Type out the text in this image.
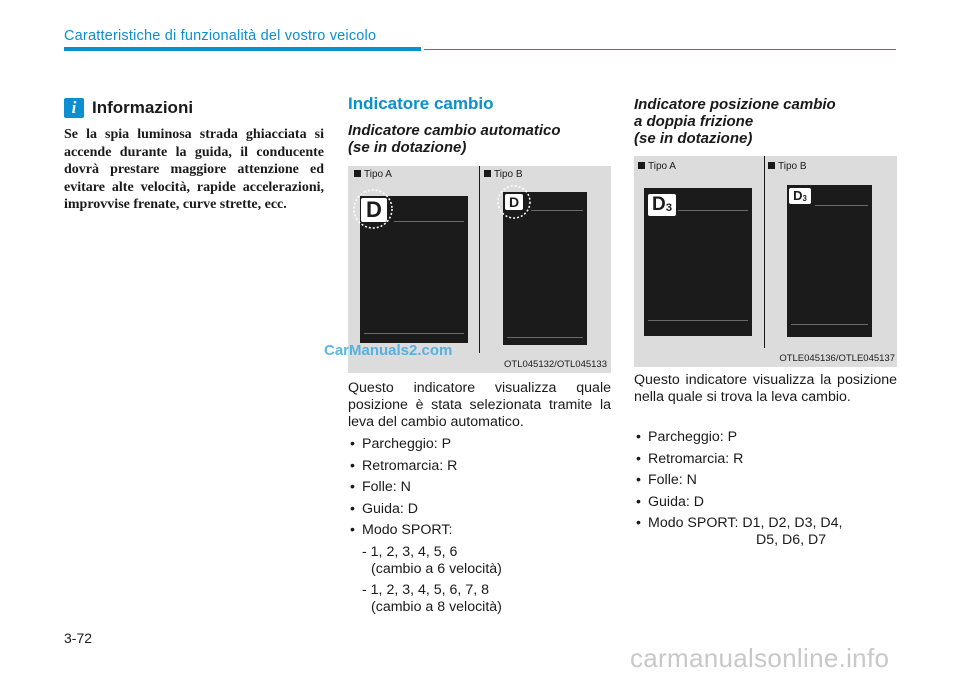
Caratteristiche di funzionalità del vostro veicolo
i Informazioni
Se la spia luminosa strada ghiacciata si accende durante la guida, il conducente dovrà prestare maggiore attenzione ed evitare alte velocità, rapide accelerazioni, improvvise frenate, curve strette, ecc.
Indicatore cambio
Indicatore cambio automatico
(se in dotazione)
Tipo A	Tipo B
D	D
OTL045132/OTL045133
Questo indicatore visualizza quale posizione è stata selezionata tramite la leva del cambio automatico.
• Parcheggio: P
• Retromarcia: R
• Folle: N
• Guida: D
• Modo SPORT:
- 1, 2, 3, 4, 5, 6
(cambio a 6 velocità)
- 1, 2, 3, 4, 5, 6, 7, 8
(cambio a 8 velocità)
Indicatore posizione cambio
a doppia frizione
(se in dotazione)
Tipo A	Tipo B
$D_3$
$D_3$
OTLE045136/OTLE045137
Questo indicatore visualizza la posizione nella quale si trova la leva cambio.
• Parcheggio: P
• Retromarcia: R
• Folle: N
• Guida: D
• Modo SPORT: D1, D2, D3, D4,
D5, D6, D7
CarManuals2.com
carmanualsonline.info
3-72
